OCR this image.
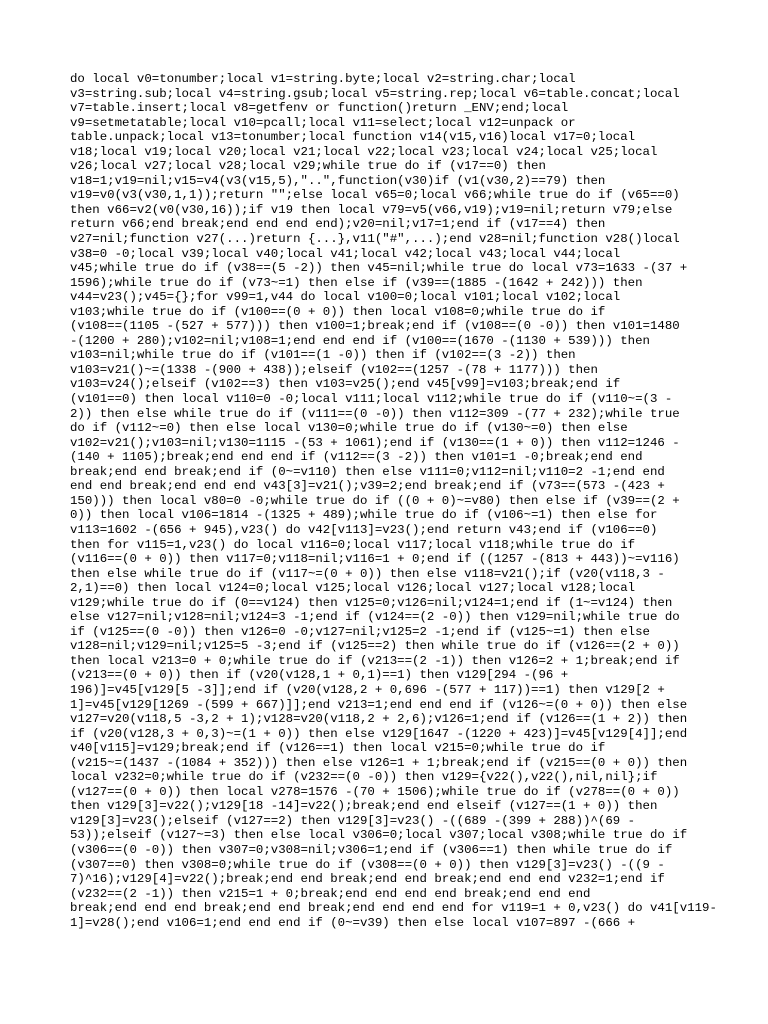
do local v0=tonumber;local v1=string.byte;local v2=string.char;local
v3=string.sub;local v4=string.gsub;local v5=string.rep;local v6=table.concat;local
v7=table.insert;local v8=getfenv or function()return _ENV;end;local
v9=setmetatable;local v10=pcall;local v11=select;local v12=unpack or
table.unpack;local v13=tonumber;local function v14(v15,v16)local v17=0;local
v18;local v19;local v20;local v21;local v22;local v23;local v24;local v25;local
v26;local v27;local v28;local v29;while true do if (v17==0) then
v18=1;v19=nil;v15=v4(v3(v15,5),"..",function(v30)if (v1(v30,2)==79) then
v19=v0(v3(v30,1,1));return "";else local v65=0;local v66;while true do if (v65==0)
then v66=v2(v0(v30,16));if v19 then local v79=v5(v66,v19);v19=nil;return v79;else
return v66;end break;end end end end);v20=nil;v17=1;end if (v17==4) then
v27=nil;function v27(...)return {...},v11("#",...);end v28=nil;function v28()local
v38=0 -0;local v39;local v40;local v41;local v42;local v43;local v44;local
v45;while true do if (v38==(5 -2)) then v45=nil;while true do local v73=1633 -(37 +
1596);while true do if (v73~=1) then else if (v39==(1885 -(1642 + 242))) then
v44=v23();v45={};for v99=1,v44 do local v100=0;local v101;local v102;local
v103;while true do if (v100==(0 + 0)) then local v108=0;while true do if
(v108==(1105 -(527 + 577))) then v100=1;break;end if (v108==(0 -0)) then v101=1480
-(1200 + 280);v102=nil;v108=1;end end end if (v100==(1670 -(1130 + 539))) then
v103=nil;while true do if (v101==(1 -0)) then if (v102==(3 -2)) then
v103=v21()~=(1338 -(900 + 438));elseif (v102==(1257 -(78 + 1177))) then
v103=v24();elseif (v102==3) then v103=v25();end v45[v99]=v103;break;end if
(v101==0) then local v110=0 -0;local v111;local v112;while true do if (v110~=(3 -
2)) then else while true do if (v111==(0 -0)) then v112=309 -(77 + 232);while true
do if (v112~=0) then else local v130=0;while true do if (v130~=0) then else
v102=v21();v103=nil;v130=1115 -(53 + 1061);end if (v130==(1 + 0)) then v112=1246 -
(140 + 1105);break;end end end if (v112==(3 -2)) then v101=1 -0;break;end end
break;end end break;end if (0~=v110) then else v111=0;v112=nil;v110=2 -1;end end
end end break;end end end v43[3]=v21();v39=2;end break;end if (v73==(573 -(423 +
150))) then local v80=0 -0;while true do if ((0 + 0)~=v80) then else if (v39==(2 +
0)) then local v106=1814 -(1325 + 489);while true do if (v106~=1) then else for
v113=1602 -(656 + 945),v23() do v42[v113]=v23();end return v43;end if (v106==0)
then for v115=1,v23() do local v116=0;local v117;local v118;while true do if
(v116==(0 + 0)) then v117=0;v118=nil;v116=1 + 0;end if ((1257 -(813 + 443))~=v116)
then else while true do if (v117~=(0 + 0)) then else v118=v21();if (v20(v118,3 -
2,1)==0) then local v124=0;local v125;local v126;local v127;local v128;local
v129;while true do if (0==v124) then v125=0;v126=nil;v124=1;end if (1~=v124) then
else v127=nil;v128=nil;v124=3 -1;end if (v124==(2 -0)) then v129=nil;while true do
if (v125==(0 -0)) then v126=0 -0;v127=nil;v125=2 -1;end if (v125~=1) then else
v128=nil;v129=nil;v125=5 -3;end if (v125==2) then while true do if (v126==(2 + 0))
then local v213=0 + 0;while true do if (v213==(2 -1)) then v126=2 + 1;break;end if
(v213==(0 + 0)) then if (v20(v128,1 + 0,1)==1) then v129[294 -(96 +
196)]=v45[v129[5 -3]];end if (v20(v128,2 + 0,696 -(577 + 117))==1) then v129[2 +
1]=v45[v129[1269 -(599 + 667)]];end v213=1;end end end if (v126~=(0 + 0)) then else
v127=v20(v118,5 -3,2 + 1);v128=v20(v118,2 + 2,6);v126=1;end if (v126==(1 + 2)) then
if (v20(v128,3 + 0,3)~=(1 + 0)) then else v129[1647 -(1220 + 423)]=v45[v129[4]];end
v40[v115]=v129;break;end if (v126==1) then local v215=0;while true do if
(v215~=(1437 -(1084 + 352))) then else v126=1 + 1;break;end if (v215==(0 + 0)) then
local v232=0;while true do if (v232==(0 -0)) then v129={v22(),v22(),nil,nil};if
(v127==(0 + 0)) then local v278=1576 -(70 + 1506);while true do if (v278==(0 + 0))
then v129[3]=v22();v129[18 -14]=v22();break;end end elseif (v127==(1 + 0)) then
v129[3]=v23();elseif (v127==2) then v129[3]=v23() -((689 -(399 + 288))^(69 -
53));elseif (v127~=3) then else local v306=0;local v307;local v308;while true do if
(v306==(0 -0)) then v307=0;v308=nil;v306=1;end if (v306==1) then while true do if
(v307==0) then v308=0;while true do if (v308==(0 + 0)) then v129[3]=v23() -((9 -
7)^16);v129[4]=v22();break;end end break;end end break;end end end v232=1;end if
(v232==(2 -1)) then v215=1 + 0;break;end end end end break;end end end
break;end end end break;end end break;end end end end for v119=1 + 0,v23() do v41[v119-
1]=v28();end v106=1;end end end if (0~=v39) then else local v107=897 -(666 +
